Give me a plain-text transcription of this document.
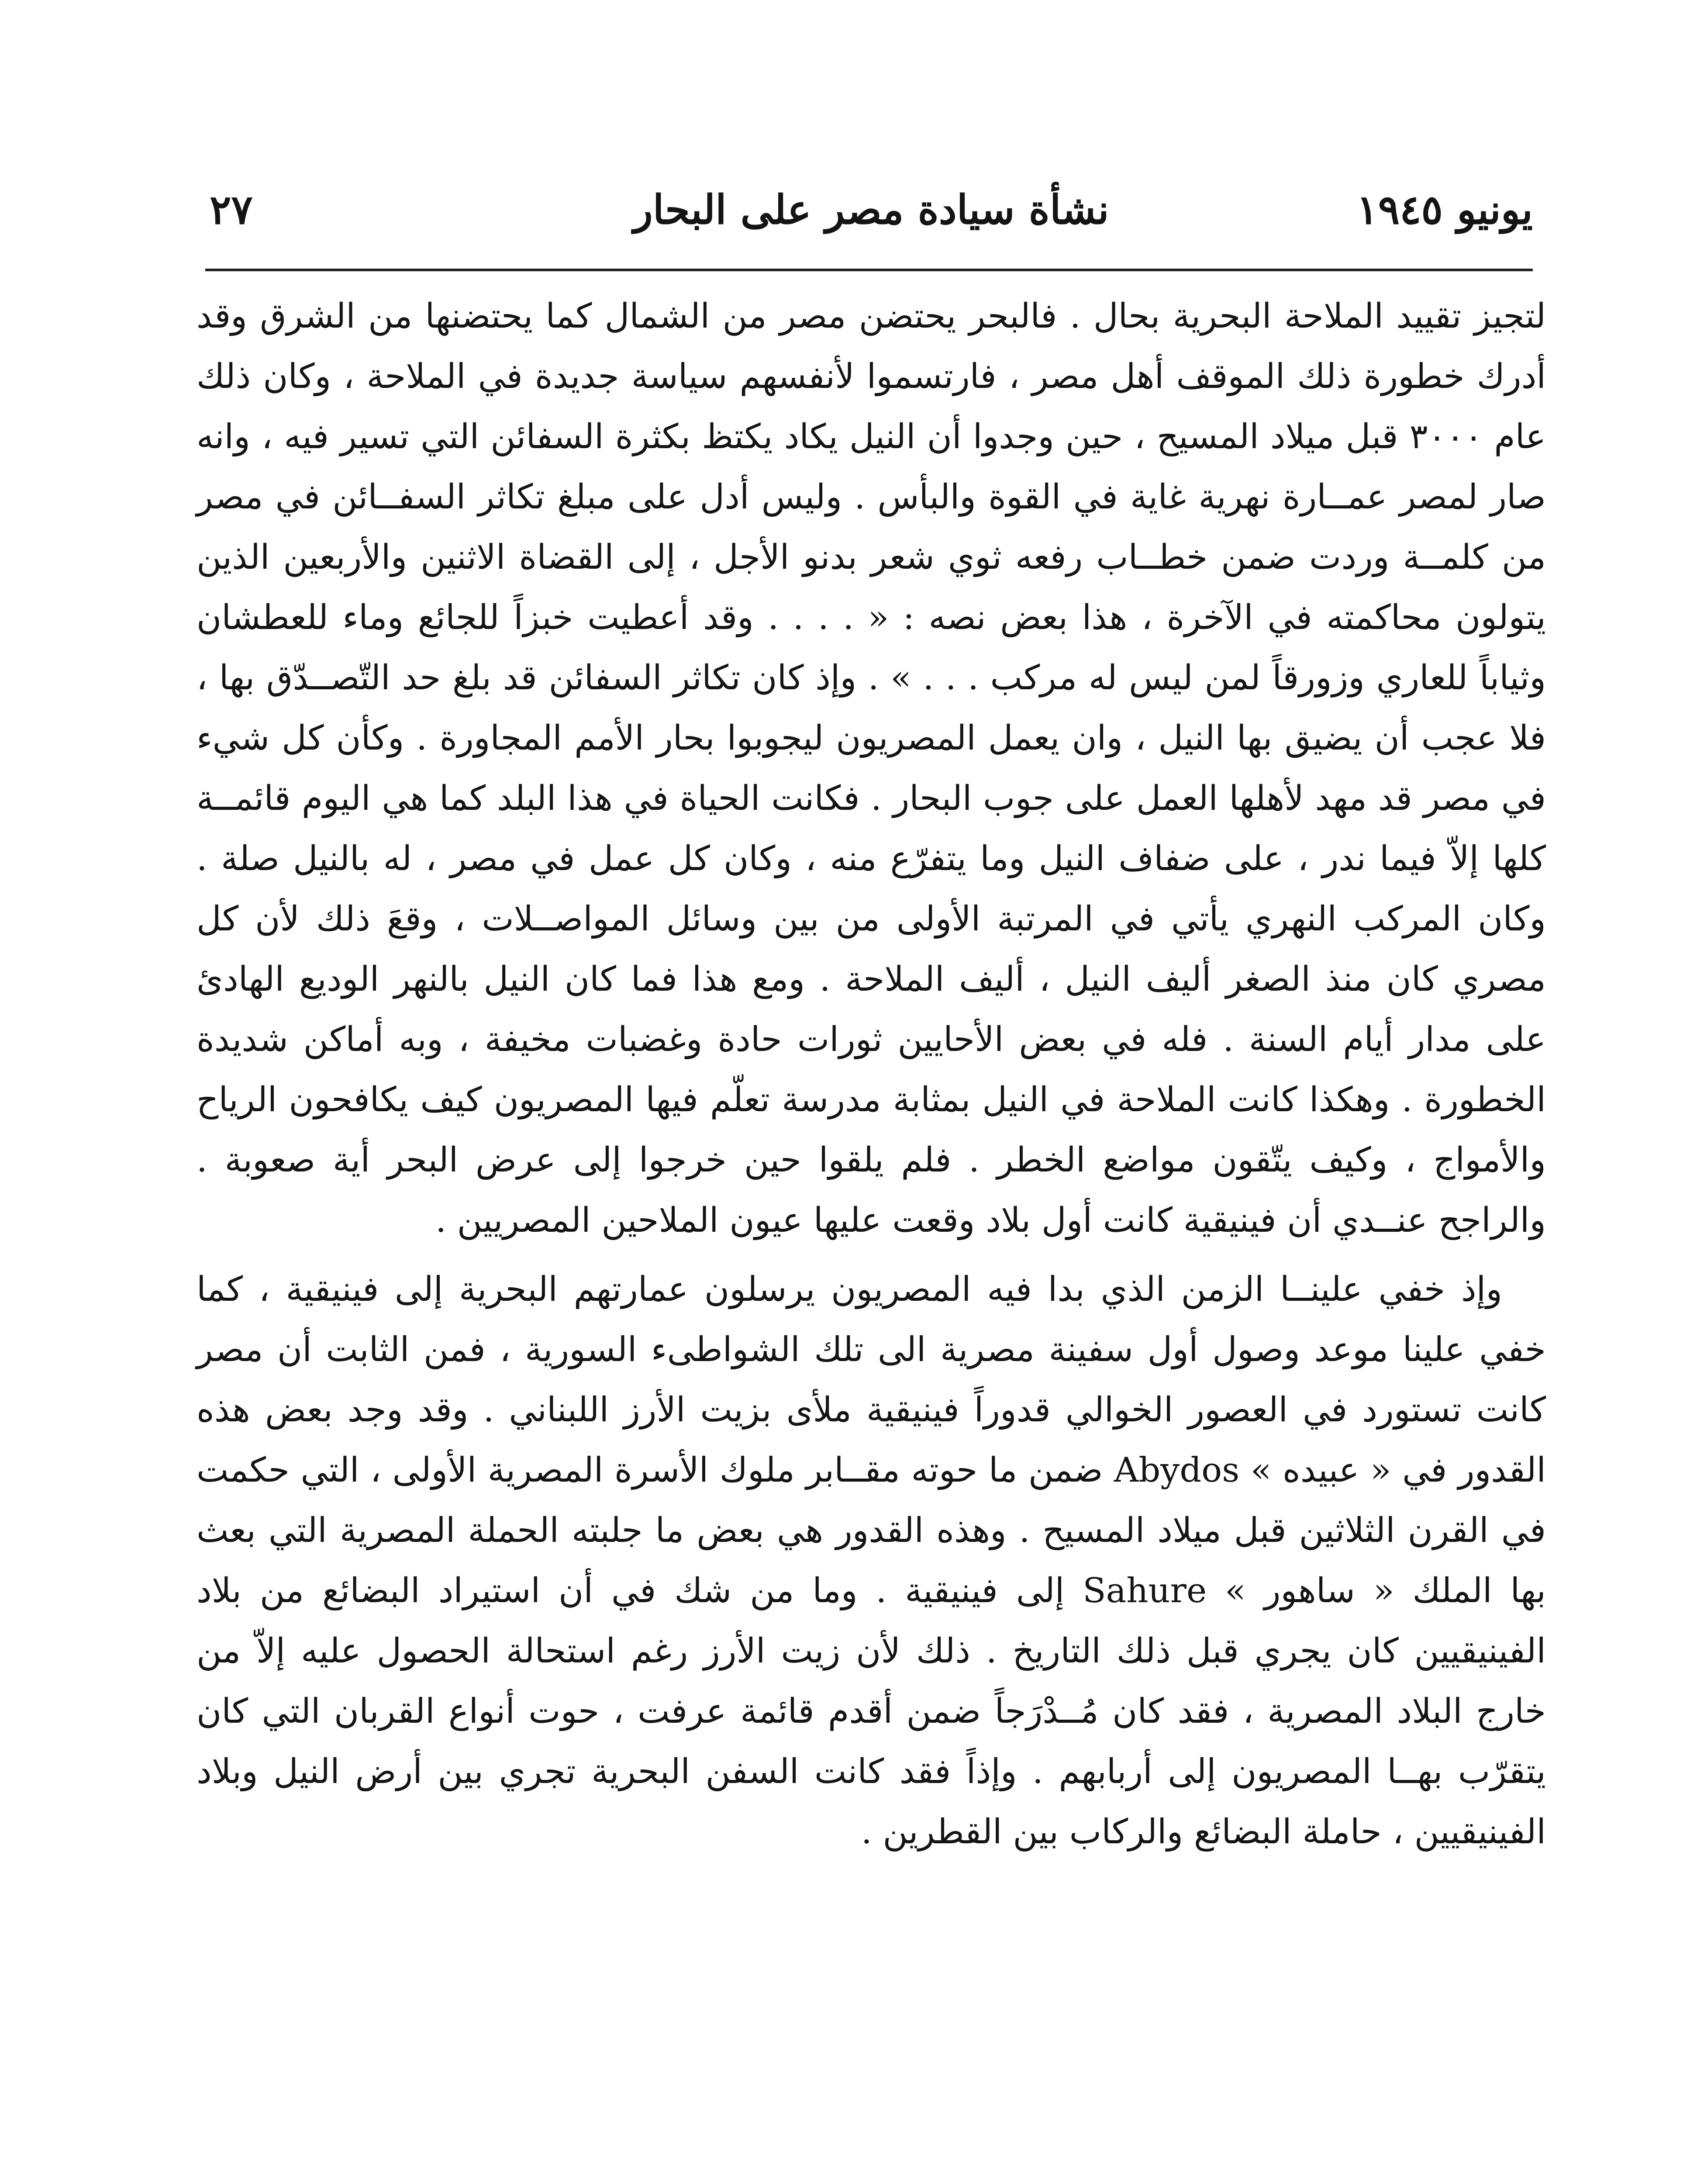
يونيو ١٩٤٥
نشأة سيادة مصر على البحار
٢٧

لتجيز تقييد الملاحة البحرية بحال . فالبحر يحتضن مصر من الشمال كما يحتضنها من الشرق وقد أدرك خطورة ذلك الموقف أهل مصر ، فارتسموا لأنفسهم سياسة جديدة في الملاحة ، وكان ذلك عام ٣٠٠٠ قبل ميلاد المسيح ، حين وجدوا أن النيل يكاد يكتظ بكثرة السفائن التي تسير فيه ، وانه صار لمصر عمــارة نهرية غاية في القوة والبأس . وليس أدل على مبلغ تكاثر السفــائن في مصر من كلمــة وردت ضمن خطــاب رفعه ثوي شعر بدنو الأجل ، إلى القضاة الاثنين والأربعين الذين يتولون محاكمته في الآخرة ، هذا بعض نصه : « . . . . وقد أعطيت خبزاً للجائع وماء للعطشان وثياباً للعاري وزورقاً لمن ليس له مركب . . . » . وإذ كان تكاثر السفائن قد بلغ حد التّصــدّق بها ، فلا عجب أن يضيق بها النيل ، وان يعمل المصريون ليجوبوا بحار الأمم المجاورة . وكأن كل شيء في مصر قد مهد لأهلها العمل على جوب البحار . فكانت الحياة في هذا البلد كما هي اليوم قائمــة كلها إلاّ فيما ندر ، على ضفاف النيل وما يتفرّع منه ، وكان كل عمل في مصر ، له بالنيل صلة . وكان المركب النهري يأتي في المرتبة الأولى من بين وسائل المواصــلات ، وقعَ ذلك لأن كل مصري كان منذ الصغر أليف النيل ، أليف الملاحة . ومع هذا فما كان النيل بالنهر الوديع الهادئ على مدار أيام السنة . فله في بعض الأحايين ثورات حادة وغضبات مخيفة ، وبه أماكن شديدة الخطورة . وهكذا كانت الملاحة في النيل بمثابة مدرسة تعلّم فيها المصريون كيف يكافحون الرياح والأمواج ، وكيف يتّقون مواضع الخطر . فلم يلقوا حين خرجوا إلى عرض البحر أية صعوبة . والراجح عنــدي أن فينيقية كانت أول بلاد وقعت عليها عيون الملاحين المصريين .

وإذ خفي علينــا الزمن الذي بدا فيه المصريون يرسلون عمارتهم البحرية إلى فينيقية ، كما خفي علينا موعد وصول أول سفينة مصرية الى تلك الشواطىء السورية ، فمن الثابت أن مصر كانت تستورد في العصور الخوالي قدوراً فينيقية ملأى بزيت الأرز اللبناني . وقد وجد بعض هذه القدور في « عبيده » Abydos ضمن ما حوته مقــابر ملوك الأسرة المصرية الأولى ، التي حكمت في القرن الثلاثين قبل ميلاد المسيح . وهذه القدور هي بعض ما جلبته الحملة المصرية التي بعث بها الملك « ساهور » Sahure إلى فينيقية . وما من شك في أن استيراد البضائع من بلاد الفينيقيين كان يجري قبل ذلك التاريخ . ذلك لأن زيت الأرز رغم استحالة الحصول عليه إلاّ من خارج البلاد المصرية ، فقد كان مُــدْرَجاً ضمن أقدم قائمة عرفت ، حوت أنواع القربان التي كان يتقرّب بهــا المصريون إلى أربابهم . وإذاً فقد كانت السفن البحرية تجري بين أرض النيل وبلاد الفينيقيين ، حاملة البضائع والركاب بين القطرين .
